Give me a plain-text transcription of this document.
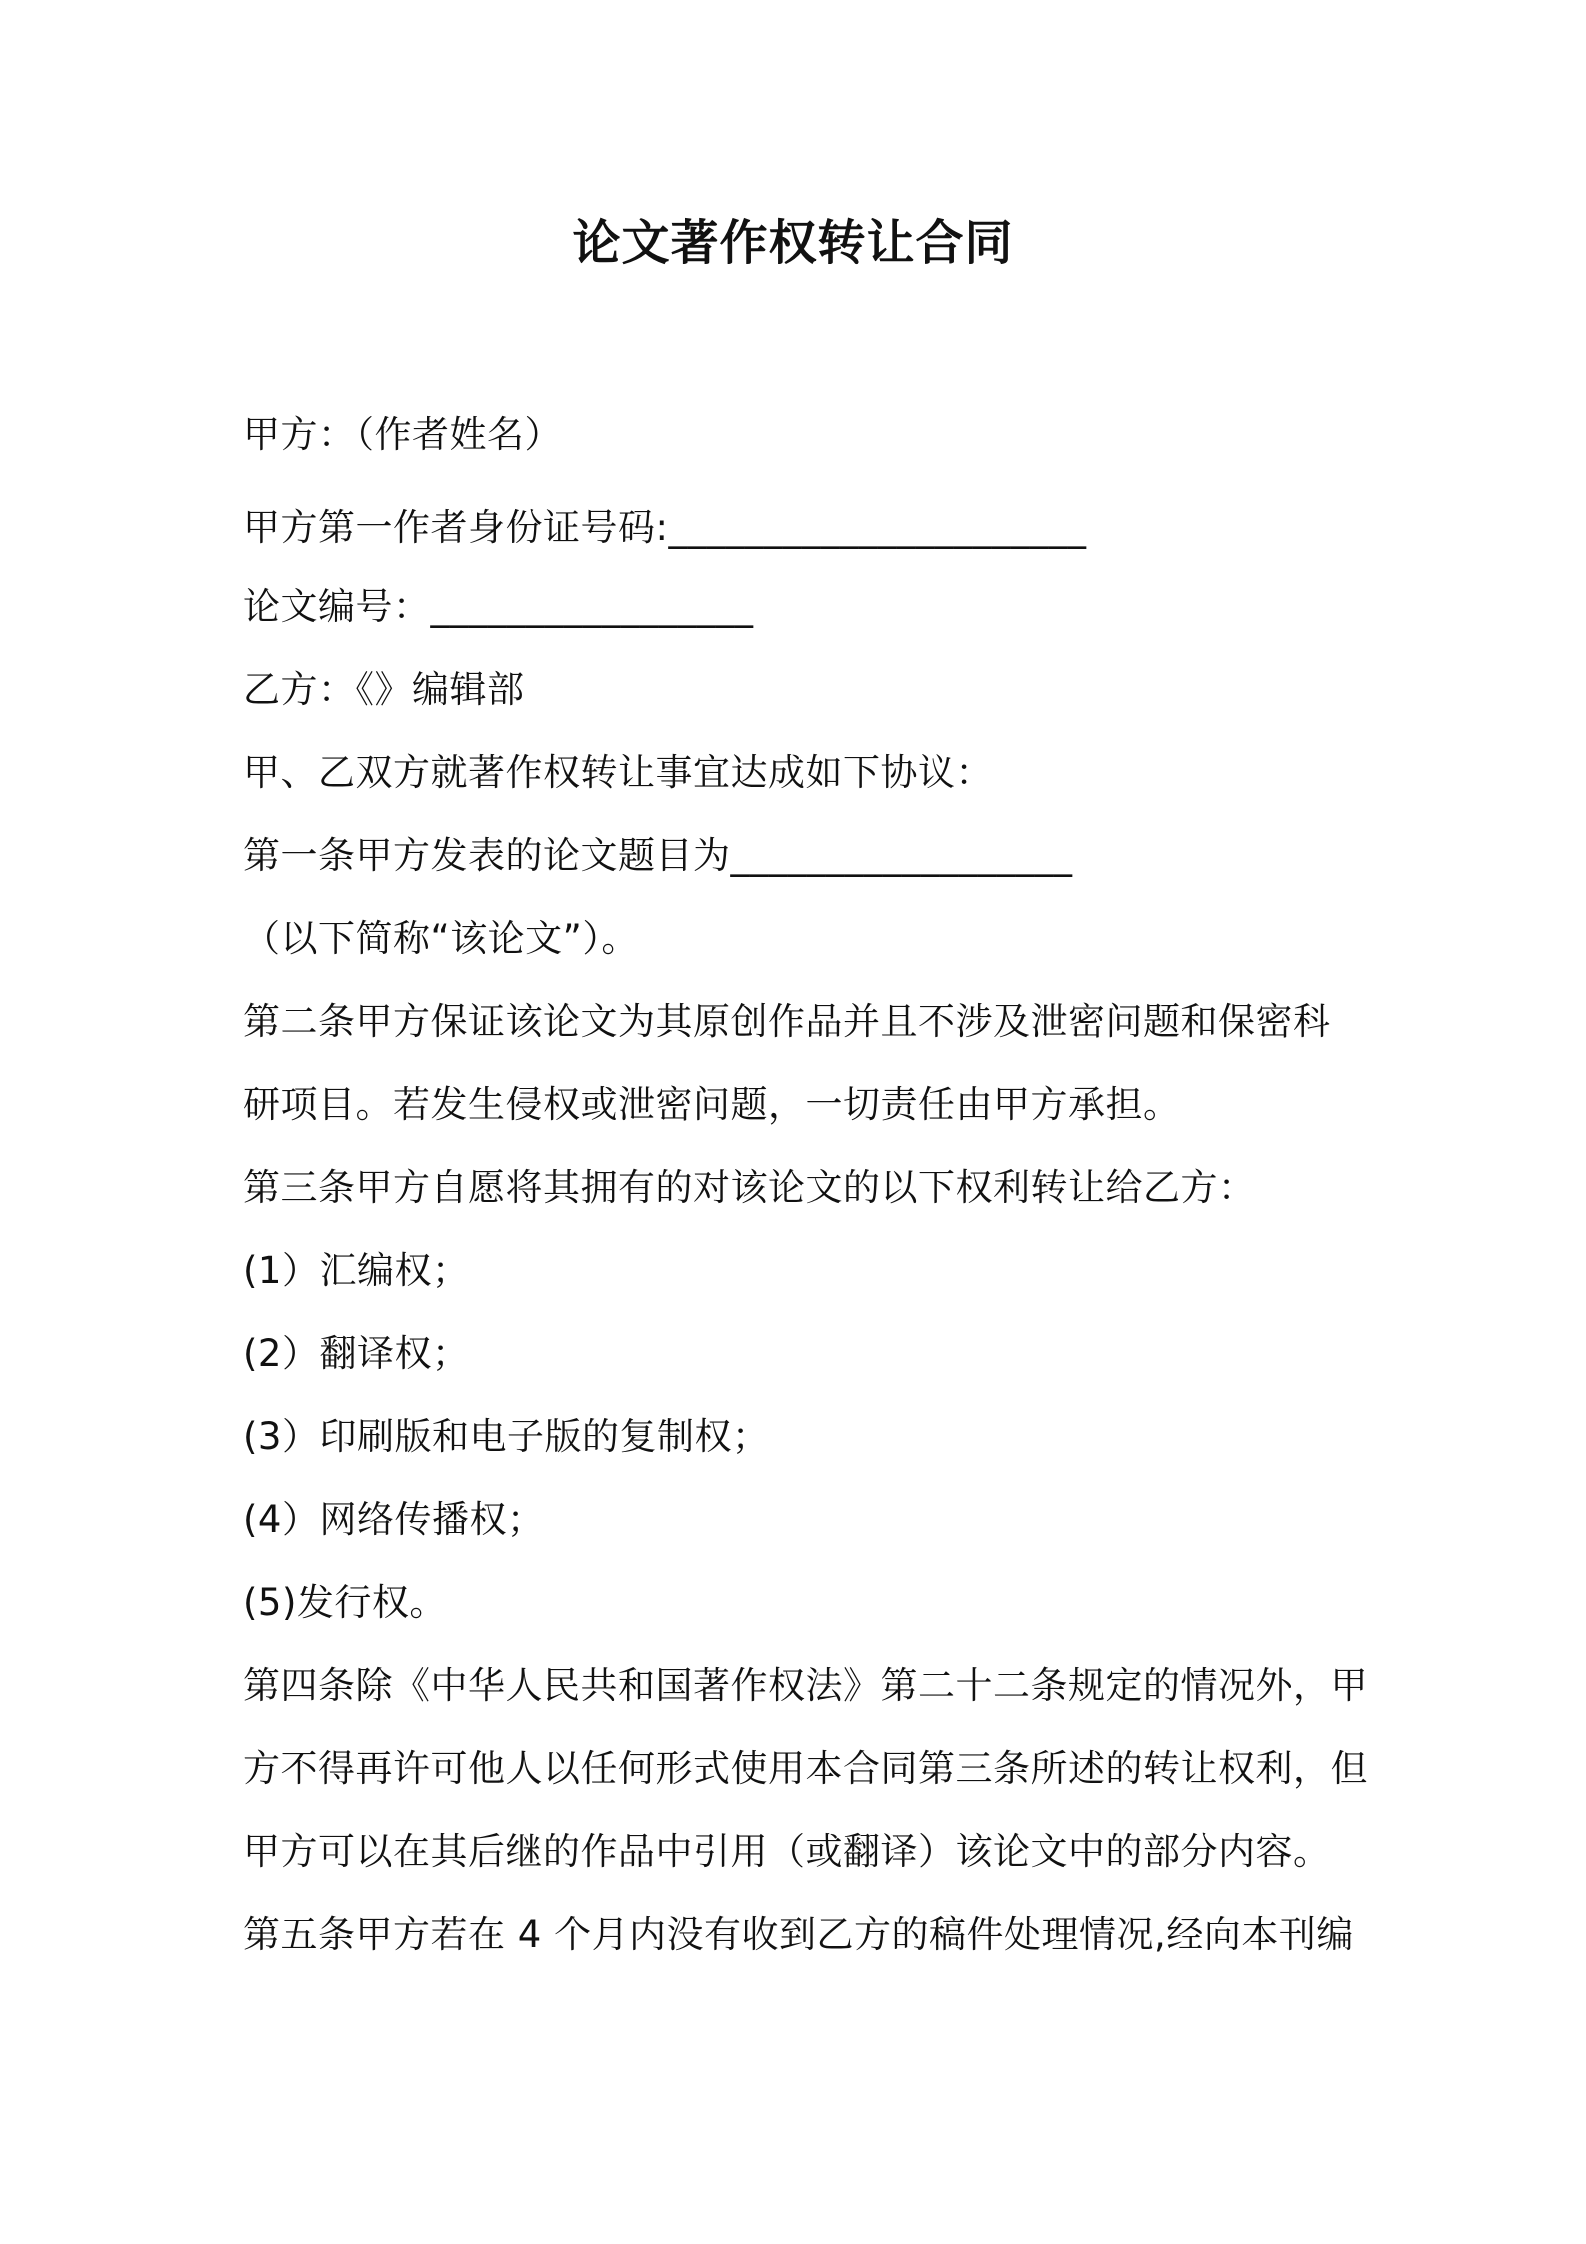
论文著作权转让合同
甲方：（作者姓名）
甲方第一作者身份证号码:______________________
论文编号：_________________
乙方：《》编辑部
甲、乙双方就著作权转让事宜达成如下协议：
第一条甲方发表的论文题目为__________________
（以下简称“该论文”）。
第二条甲方保证该论文为其原创作品并且不涉及泄密问题和保密科
研项目。若发生侵权或泄密问题，一切责任由甲方承担。
第三条甲方自愿将其拥有的对该论文的以下权利转让给乙方：
(1）汇编权；
(2）翻译权；
(3）印刷版和电子版的复制权；
(4）网络传播权；
(5)发行权。
第四条除《中华人民共和国著作权法》第二十二条规定的情况外，甲
方不得再许可他人以任何形式使用本合同第三条所述的转让权利，但
甲方可以在其后继的作品中引用（或翻译）该论文中的部分内容。
第五条甲方若在 4 个月内没有收到乙方的稿件处理情况,经向本刊编
